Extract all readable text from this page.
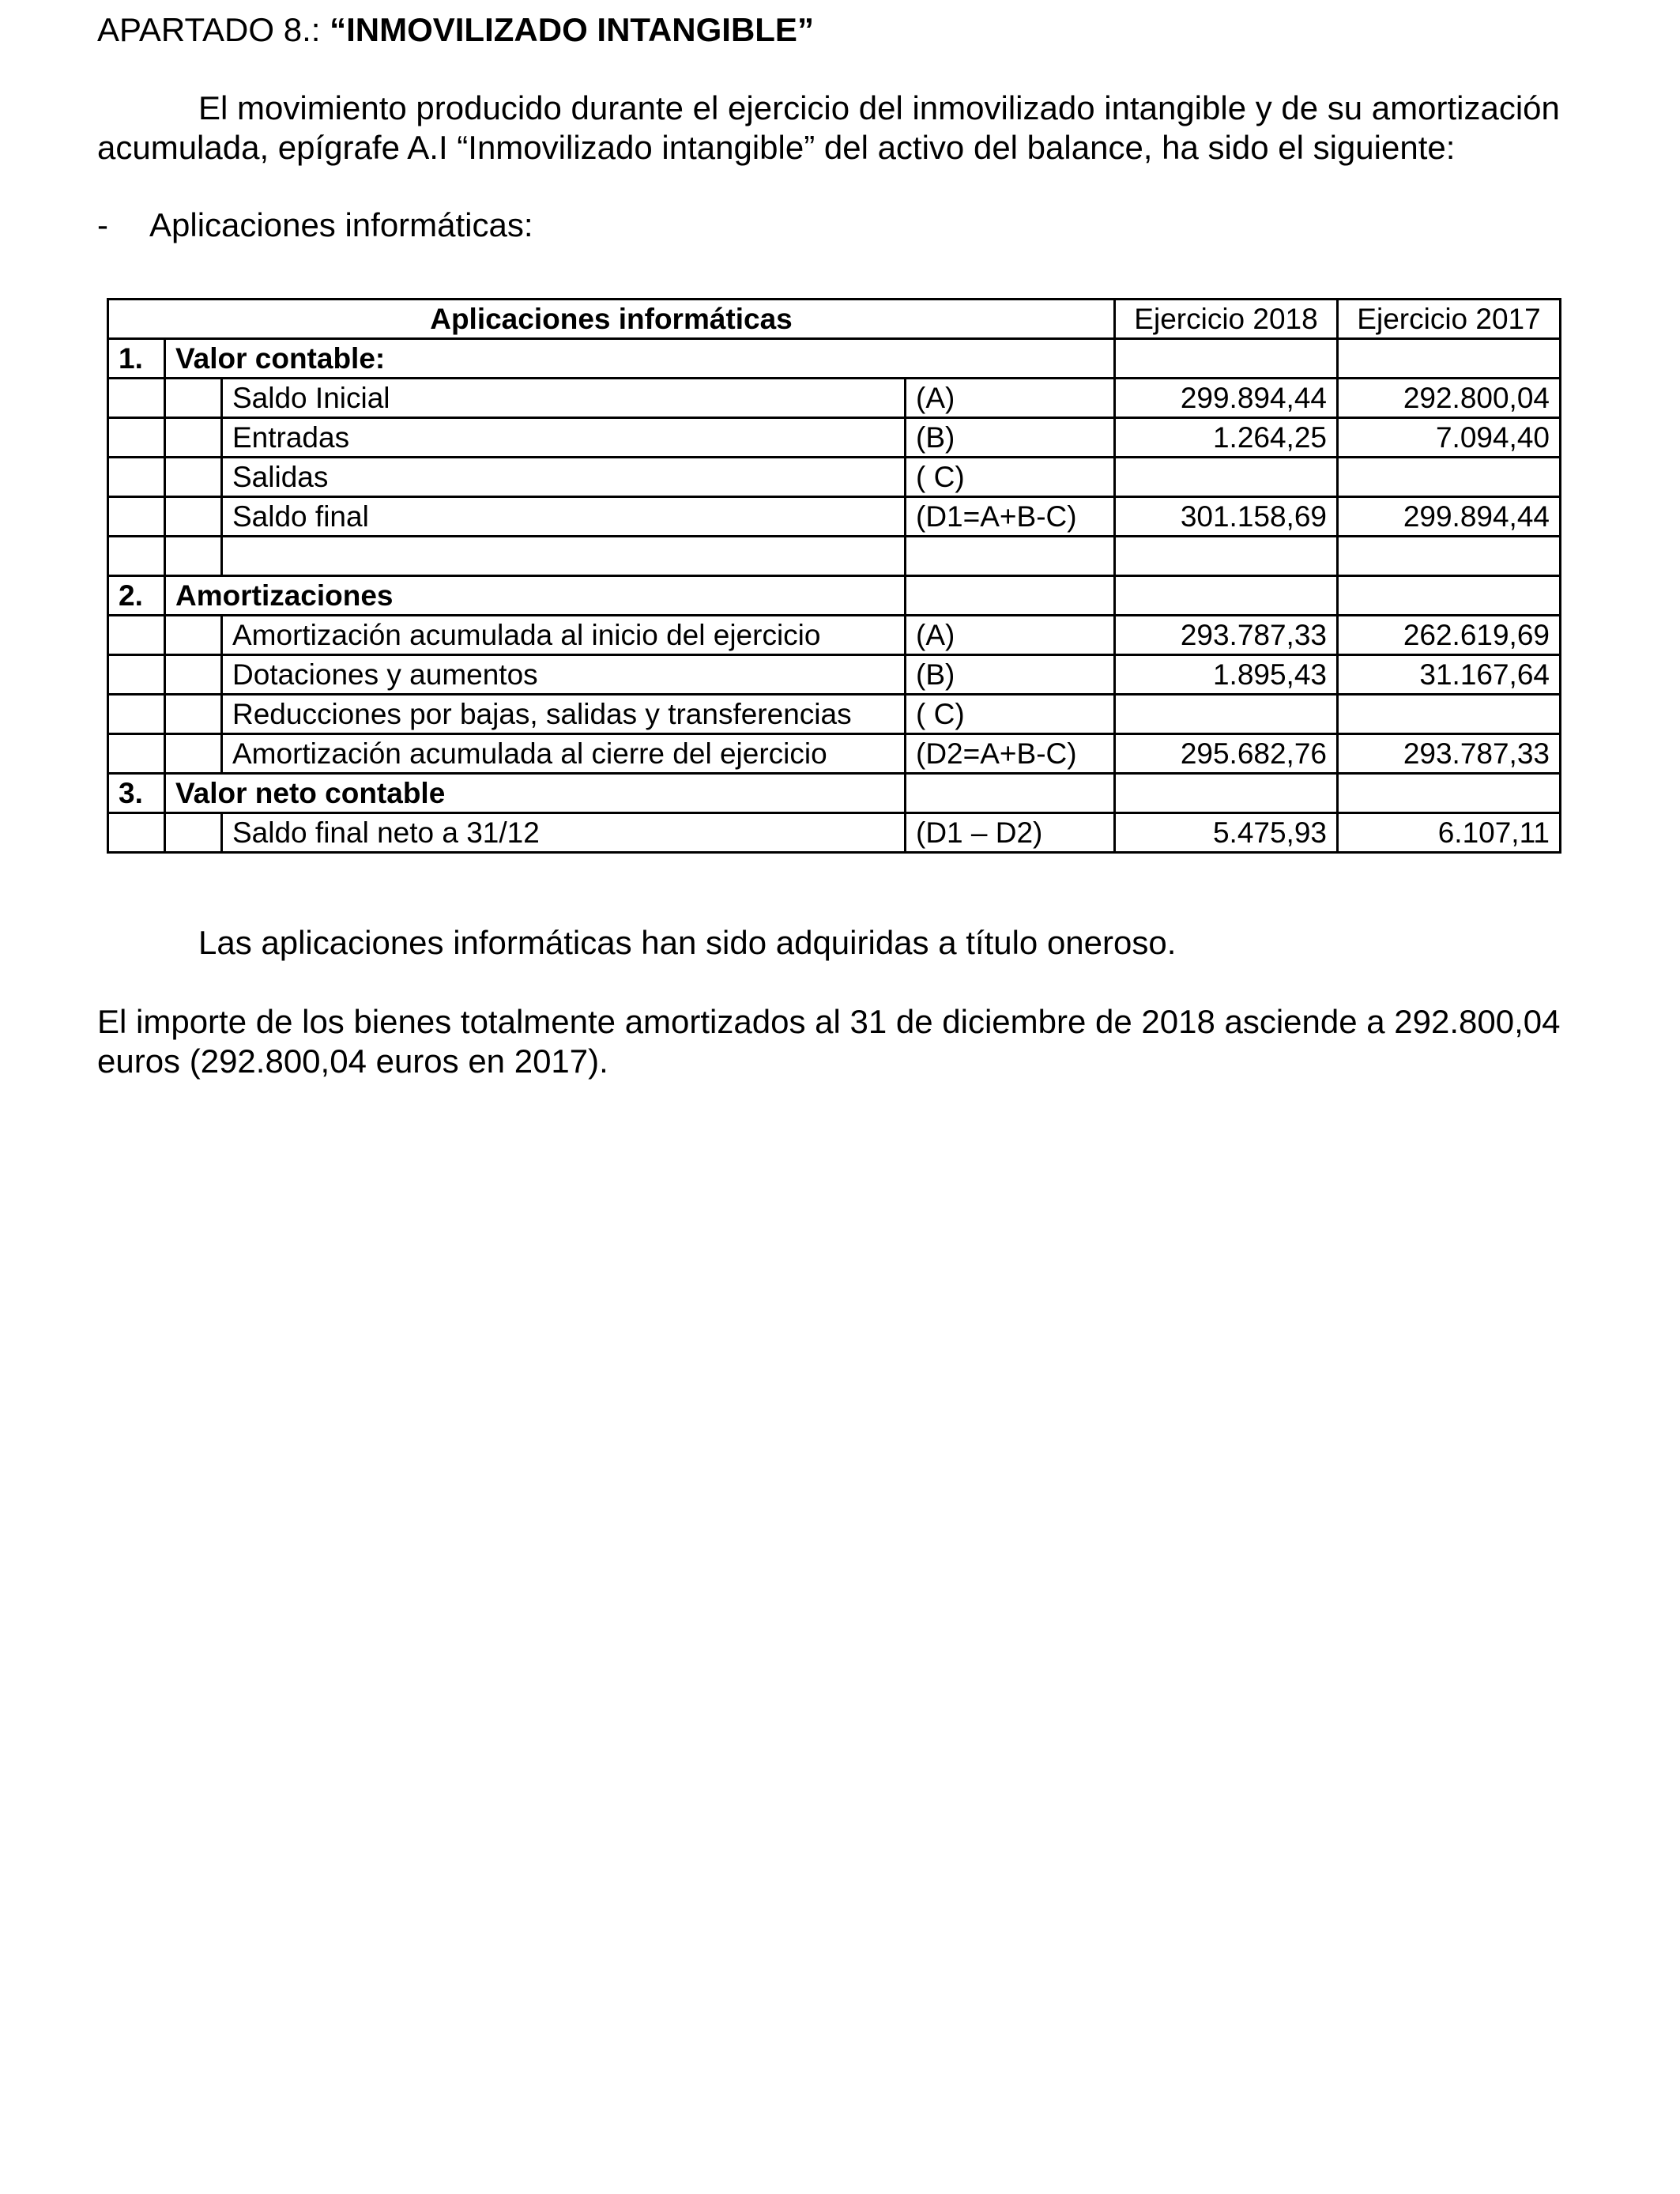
APARTADO 8.: “INMOVILIZADO INTANGIBLE”
El movimiento producido durante el ejercicio del inmovilizado intangible y de su amortización
acumulada, epígrafe A.I “Inmovilizado intangible” del activo del balance, ha sido el siguiente:
- Aplicaciones informáticas:
Aplicaciones informáticas				Ejercicio 2018	Ejercicio 2017
1.	Valor contable:				
		Saldo Inicial	(A)	299.894,44	292.800,04
		Entradas	(B)	1.264,25	7.094,40
		Salidas	( C)		
		Saldo final	(D1=A+B-C)	301.158,69	299.894,44

2.	Amortizaciones				
		Amortización acumulada al inicio del ejercicio	(A)	293.787,33	262.619,69
		Dotaciones y aumentos	(B)	1.895,43	31.167,64
		Reducciones por bajas, salidas y transferencias	( C)		
		Amortización acumulada al cierre del ejercicio	(D2=A+B-C)	295.682,76	293.787,33
3.	Valor neto contable				
		Saldo final neto a 31/12	(D1 – D2)	5.475,93	6.107,11
Las aplicaciones informáticas han sido adquiridas a título oneroso.
El importe de los bienes totalmente amortizados al 31 de diciembre de 2018 asciende a 292.800,04
euros (292.800,04 euros en 2017).
